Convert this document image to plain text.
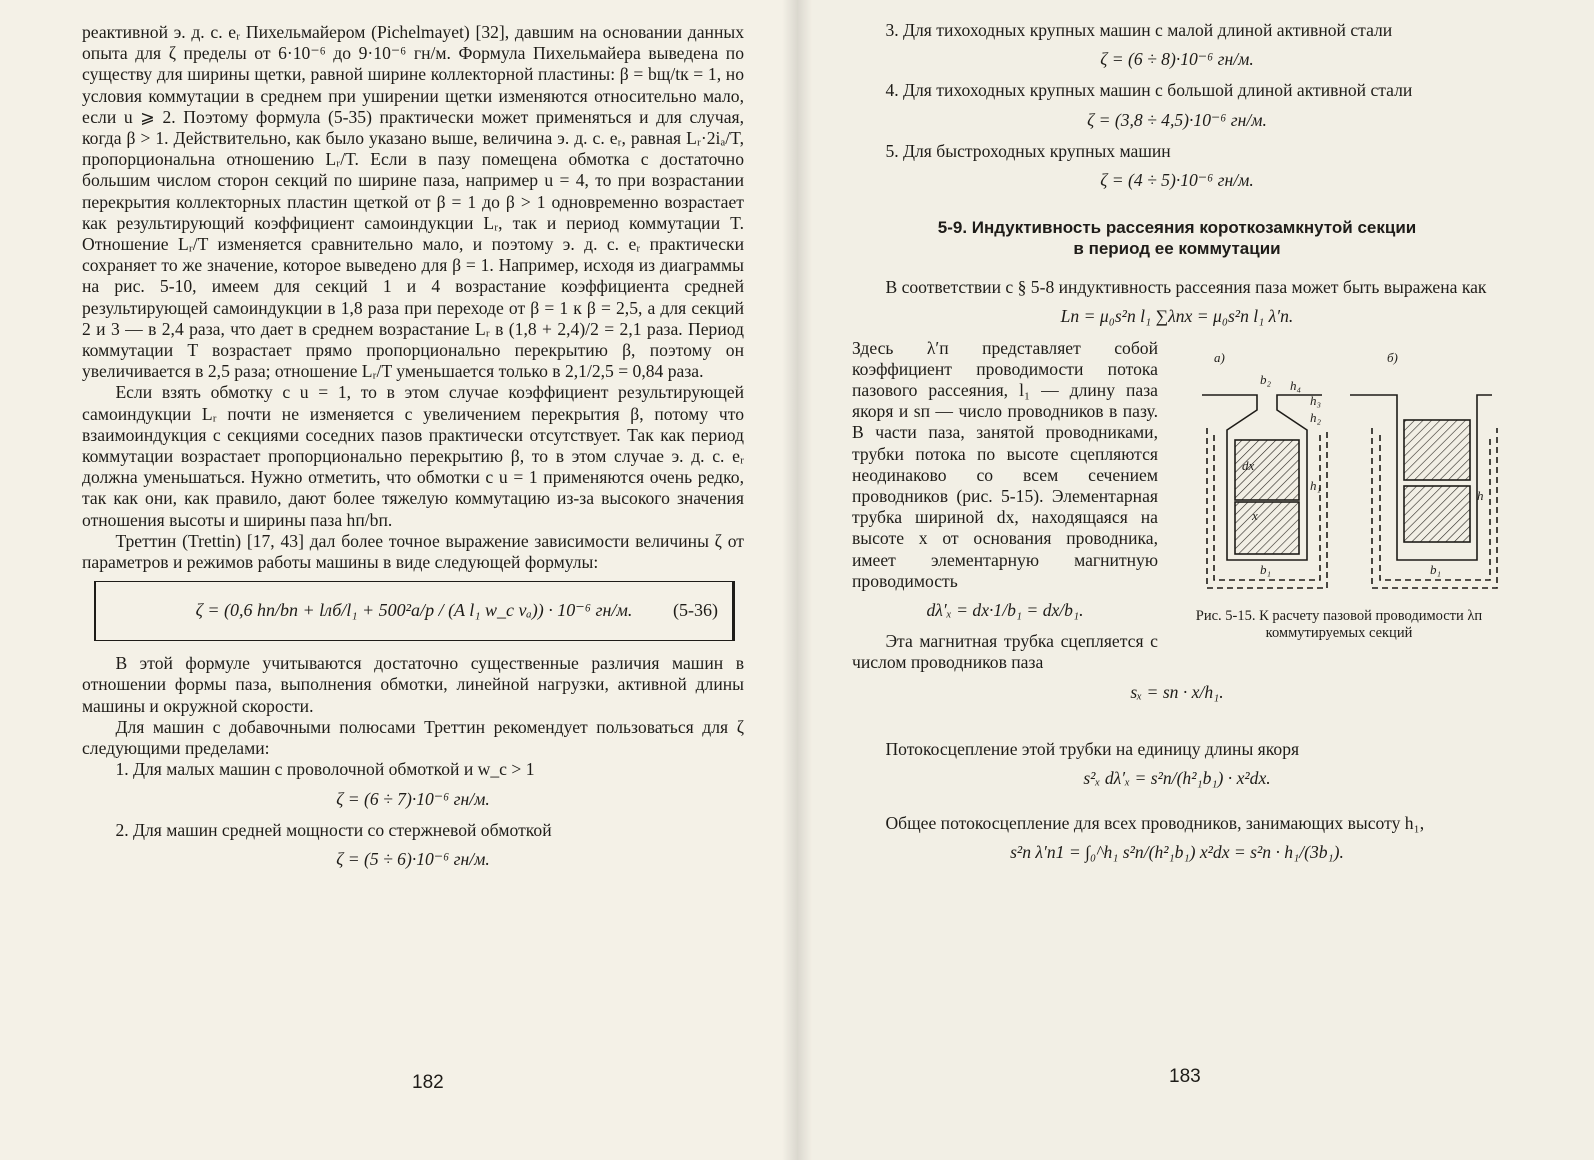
реактивной э. д. с. eᵣ Пихельмайером (Pichelmayet) [32], давшим на основании данных опыта для ζ пределы от 6·10⁻⁶ до 9·10⁻⁶ гн/м. Формула Пихельмайера выведена по существу для ширины щетки, равной ширине коллекторной пластины: β = bщ/tк = 1, но условия коммутации в среднем при уширении щетки изменяются относительно мало, если u ⩾ 2. Поэтому формула (5-35) практически может применяться и для случая, когда β > 1. Действительно, как было указано выше, величина э. д. с. eᵣ, равная Lᵣ·2iₐ/T, пропорциональна отношению Lᵣ/T. Если в пазу помещена обмотка с достаточно большим числом сторон секций по ширине паза, например u = 4, то при возрастании перекрытия коллекторных пластин щеткой от β = 1 до β > 1 одновременно возрастает как результирующий коэффициент самоиндукции Lᵣ, так и период коммутации T. Отношение Lᵣ/T изменяется сравнительно мало, и поэтому э. д. с. eᵣ практически сохраняет то же значение, которое выведено для β = 1. Например, исходя из диаграммы на рис. 5-10, имеем для секций 1 и 4 возрастание коэффициента средней результирующей самоиндукции в 1,8 раза при переходе от β = 1 к β = 2,5, а для секций 2 и 3 — в 2,4 раза, что дает в среднем возрастание Lᵣ в (1,8 + 2,4)/2 = 2,1 раза. Период коммутации T возрастает прямо пропорционально перекрытию β, поэтому он увеличивается в 2,5 раза; отношение Lᵣ/T уменьшается только в 2,1/2,5 = 0,84 раза.

Если взять обмотку с u = 1, то в этом случае коэффициент результирующей самоиндукции Lᵣ почти не изменяется с увеличением перекрытия β, потому что взаимоиндукция с секциями соседних пазов практически отсутствует. Так как период коммутации возрастает пропорционально перекрытию β, то в этом случае э. д. с. eᵣ должна уменьшаться. Нужно отметить, что обмотки с u = 1 применяются очень редко, так как они, как правило, дают более тяжелую коммутацию из-за высокого значения отношения высоты и ширины паза hп/bп.

Треттин (Trettin) [17, 43] дал более точное выражение зависимости величины ζ от параметров и режимов работы машины в виде следующей формулы:

ζ = (0,6 hп/bп + lлб/l₁ + 500²a/p / (A l₁ w_c vₐ)) · 10⁻⁶ гн/м.	(5-36)

В этой формуле учитываются достаточно существенные различия машин в отношении формы паза, выполнения обмотки, линейной нагрузки, активной длины машины и окружной скорости.

Для машин с добавочными полюсами Треттин рекомендует пользоваться для ζ следующими пределами:

1. Для малых машин с проволочной обмоткой и w_c > 1

ζ = (6 ÷ 7)·10⁻⁶ гн/м.

2. Для машин средней мощности со стержневой обмоткой

ζ = (5 ÷ 6)·10⁻⁶ гн/м.
182

3. Для тихоходных крупных машин с малой длиной активной стали

ζ = (6 ÷ 8)·10⁻⁶ гн/м.

4. Для тихоходных крупных машин с большой длиной активной стали

ζ = (3,8 ÷ 4,5)·10⁻⁶ гн/м.

5. Для быстроходных крупных машин

ζ = (4 ÷ 5)·10⁻⁶ гн/м.
5-9. Индуктивность рассеяния короткозамкнутой секции
в период ее коммутации

В соответствии с § 5-8 индуктивность рассеяния паза может быть выражена как

Lп = μ₀s²п l₁ ∑λпх = μ₀s²п l₁ λ′п.
а)	б)
b₂
b₁	b₁
h₁
h₂
h₃
h₄
h
x
dx
Рис. 5-15. К расчету пазовой проводимости λп коммутируемых секций

Здесь λ′п представляет собой коэффициент проводимости потока пазового рассеяния, l₁ — длину паза якоря и sп — число проводников в пазу. В части паза, занятой проводниками, трубки потока по высоте сцепляются неодинаково со всем сечением проводников (рис. 5-15). Элементарная трубка шириной dx, находящаяся на высоте x от основания проводника, имеет элементарную магнитную проводимость

dλ′ₓ = dx·1/b₁ = dx/b₁.

Эта магнитная трубка сцепляется с числом проводников паза

sₓ = sп · x/h₁.

Потокосцепление этой трубки на единицу длины якоря

s²ₓ dλ′ₓ = s²п/(h²₁b₁) · x²dx.

Общее потокосцепление для всех проводников, занимающих высоту h₁,

s²п λ′п1 = ∫₀^h₁ s²п/(h²₁b₁) x²dx = s²п · h₁/(3b₁).
183
